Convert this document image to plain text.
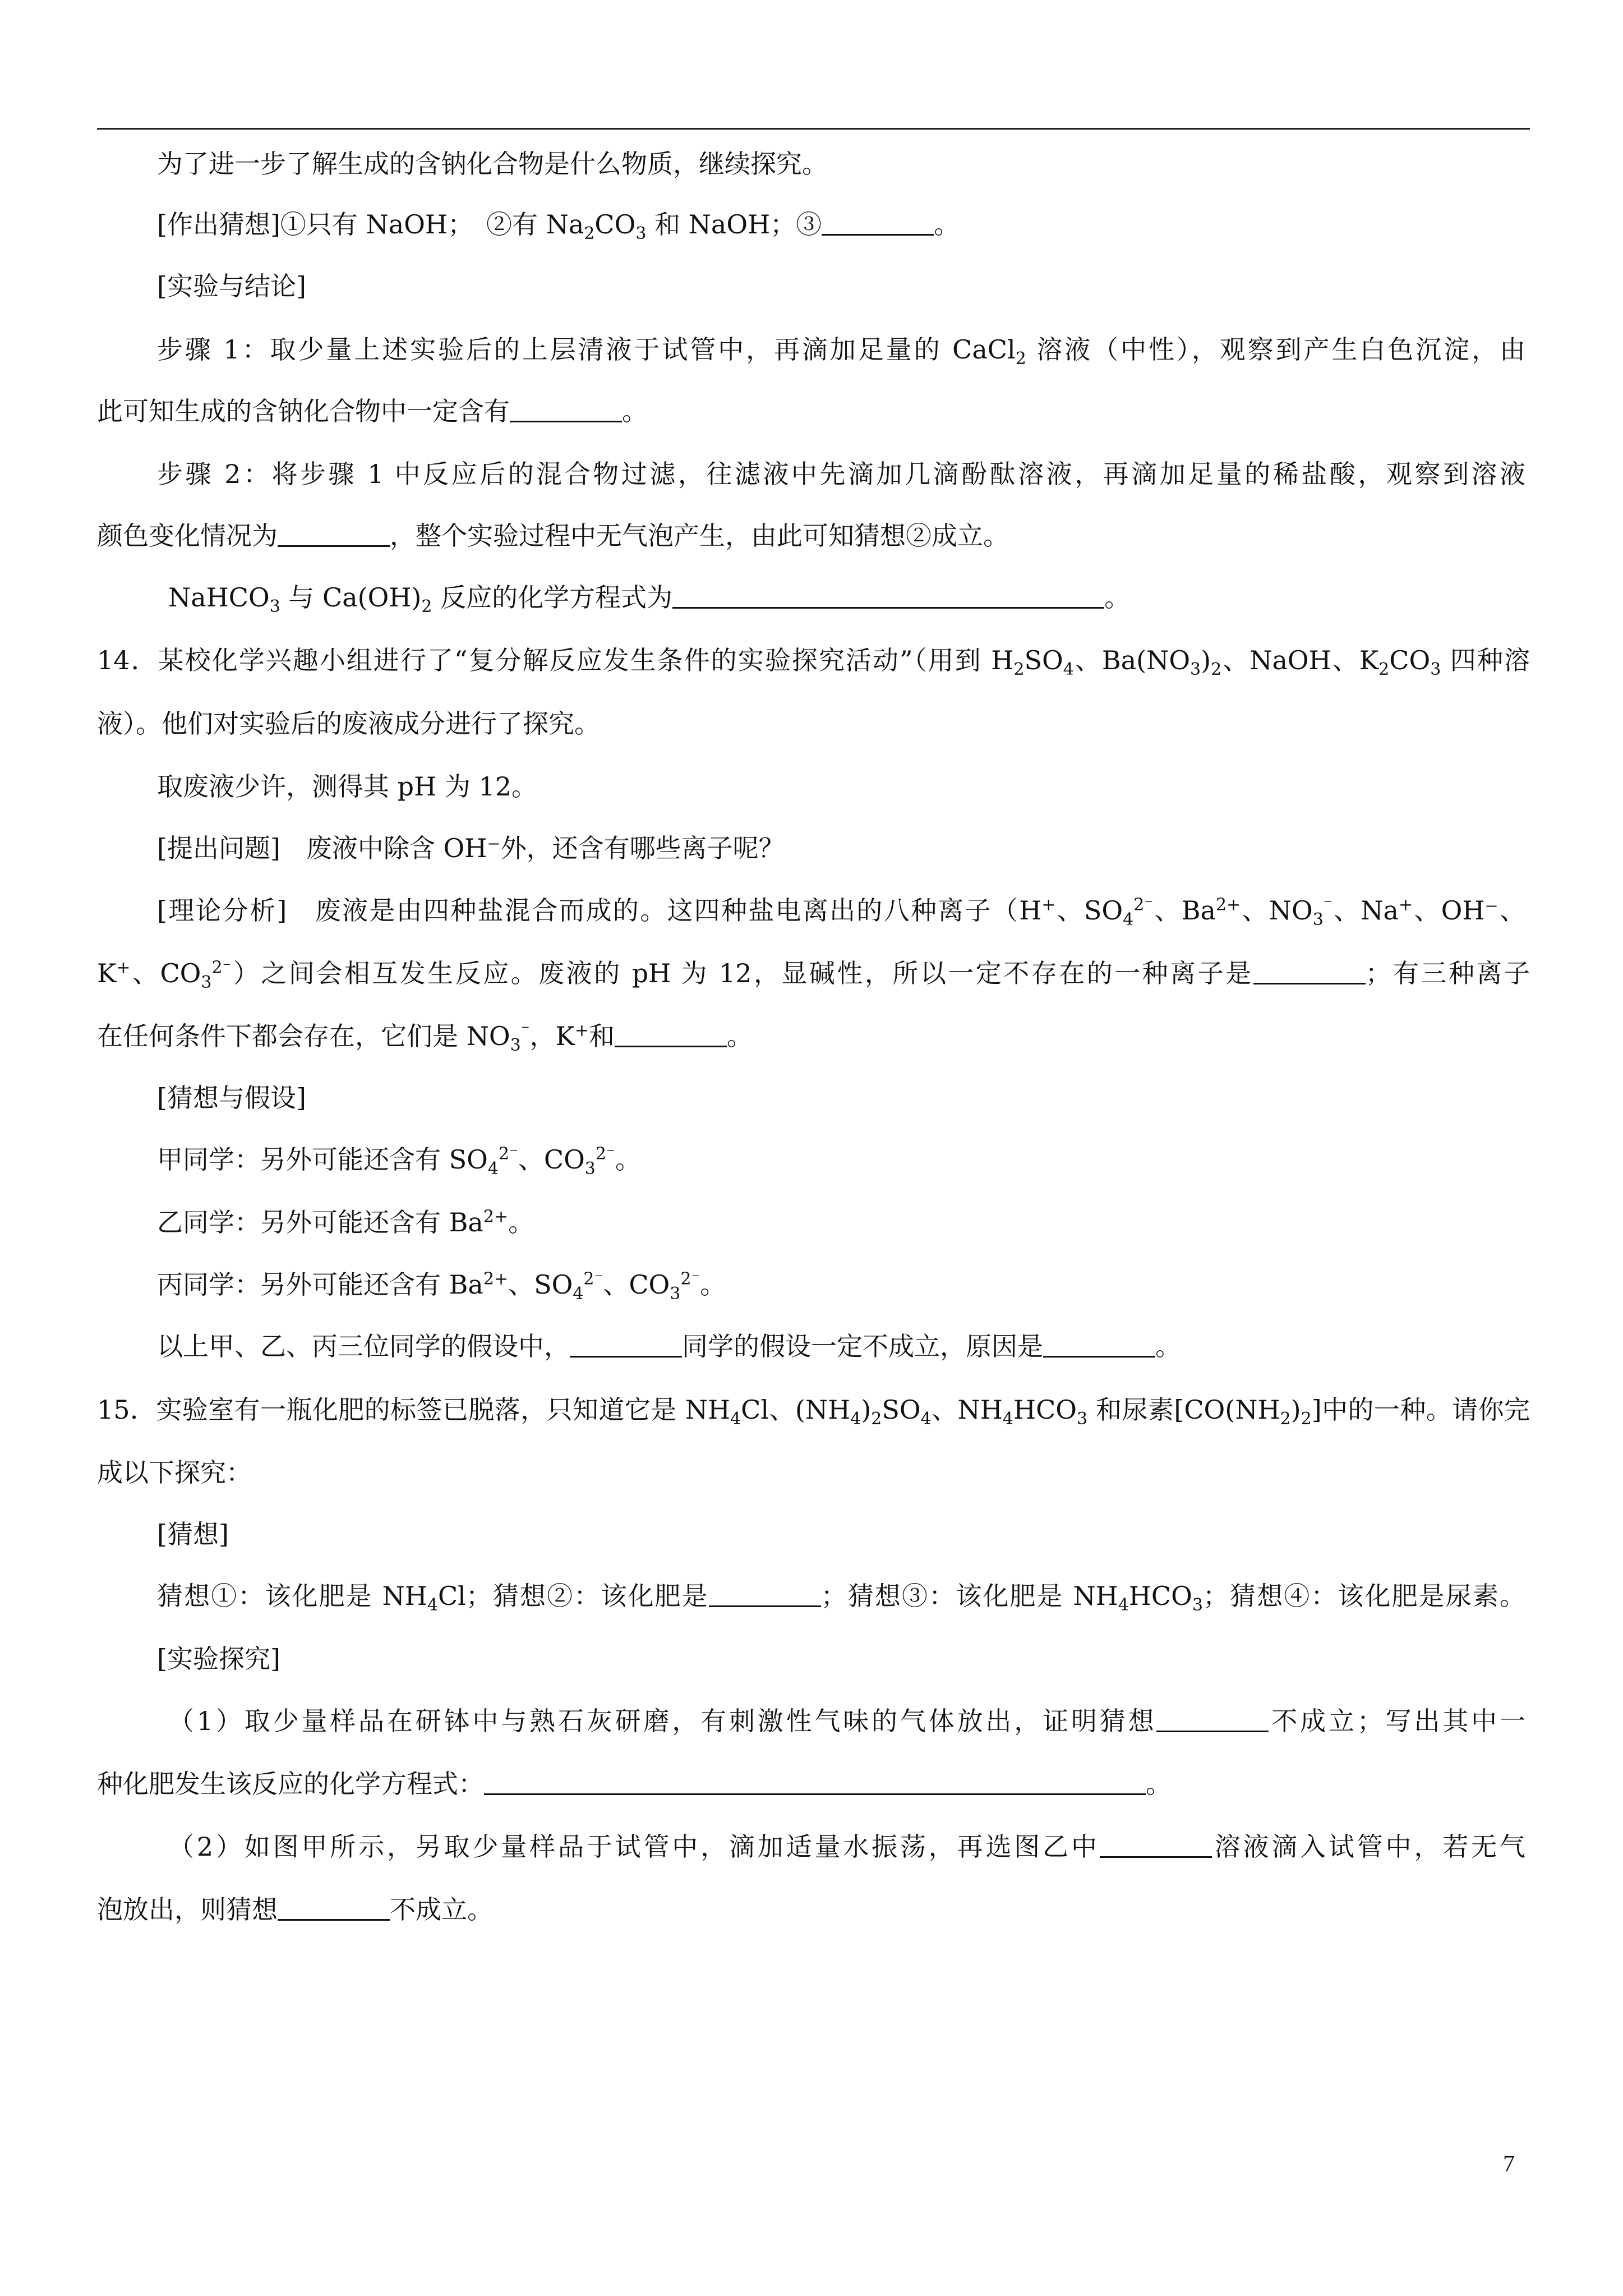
为了进一步了解生成的含钠化合物是什么物质，继续探究。
[作出猜想]①只有 NaOH；　②有 $Na_2CO_3$ 和 NaOH；③	。
[实验与结论]
步骤 1：取少量上述实验后的上层清液于试管中，再滴加足量的 CaCl$_2$ 溶液（中性），观察到产生白色沉淀，由
此可知生成的含钠化合物中一定含有	。
步骤 2：将步骤 1 中反应后的混合物过滤，往滤液中先滴加几滴酚酞溶液，再滴加足量的稀盐酸，观察到溶液
颜色变化情况为	，整个实验过程中无气泡产生，由此可知猜想②成立。
NaHCO$_3$ 与 $Ca(OH)_2$ 反应的化学方程式为	。
14．某校化学兴趣小组进行了“复分解反应发生条件的实验探究活动”（用到 $H_2SO_4$、$Ba(NO_3)_2$、NaOH、$K_2CO_3$ 四种溶
液）。他们对实验后的废液成分进行了探究。
取废液少许，测得其 pH 为 12。
[提出问题]　废液中除含 OH⁻外，还含有哪些离子呢？
[理论分析]　废液是由四种盐混合而成的。这四种盐电离出的八种离子（H+、$SO_4^{2^-}$、$Ba^{2+}$、$NO_3^{^-}$、Na+、OH⁻、
K+、$CO_3^{2^-}$）之间会相互发生反应。废液的 pH 为 12，显碱性，所以一定不存在的一种离子是	；有三种离子
在任何条件下都会存在，它们是 $NO_3^{^-}$，K+和	。
[猜想与假设]
甲同学：另外可能还含有 $SO_4^{2^-}$、$CO_3^{2^-}$。
乙同学：另外可能还含有 $Ba^{2+}$。
丙同学：另外可能还含有 $Ba^{2+}$、$SO_4^{2^-}$、$CO_3^{2^-}$。
以上甲、乙、丙三位同学的假设中，	同学的假设一定不成立，原因是	。
15．实验室有一瓶化肥的标签已脱落，只知道它是 $NH_4Cl$、$(NH_4)_2SO_4$、$NH_4HCO_3$ 和尿素$[CO(NH_2)_2]$中的一种。请你完
成以下探究：
[猜想]
猜想①：该化肥是 $NH_4Cl$；猜想②：该化肥是	；猜想③：该化肥是 $NH_4HCO_3$；猜想④：该化肥是尿素。
[实验探究]
（1）取少量样品在研钵中与熟石灰研磨，有刺激性气味的气体放出，证明猜想	不成立；写出其中一
种化肥发生该反应的化学方程式：	。
（2）如图甲所示，另取少量样品于试管中，滴加适量水振荡，再选图乙中	溶液滴入试管中，若无气
泡放出，则猜想	不成立。
7
